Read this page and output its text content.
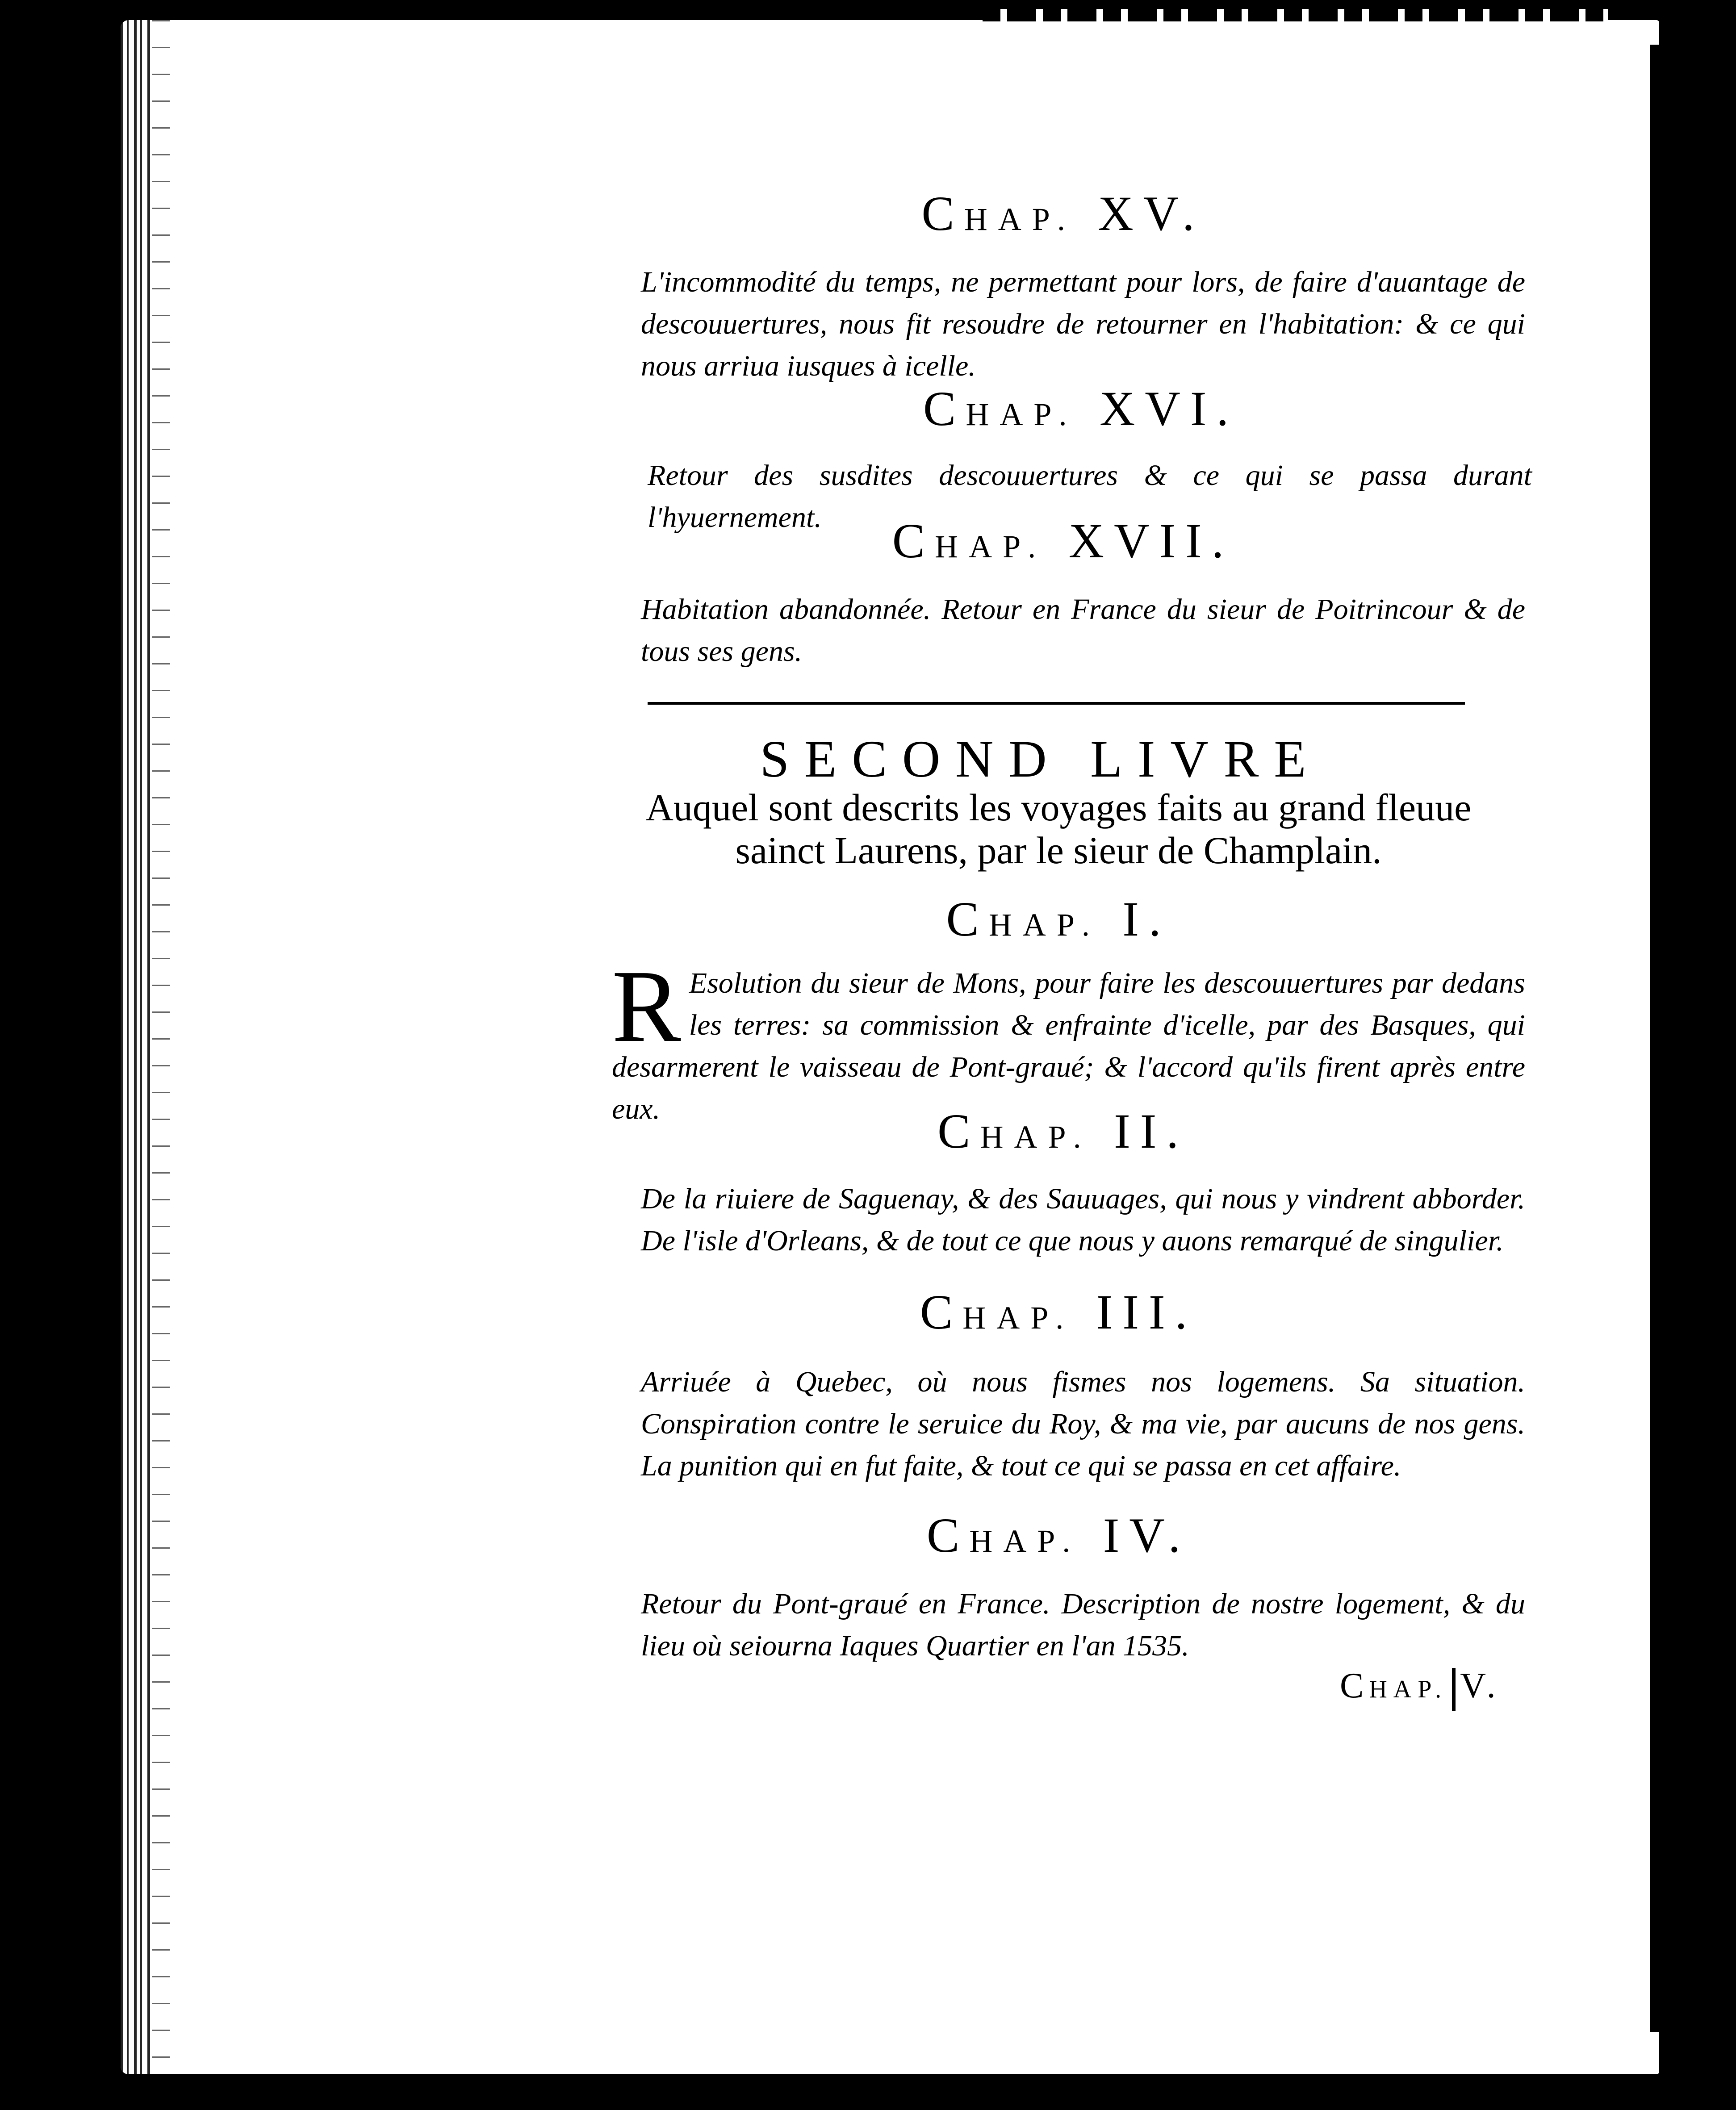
CHAP. XV.
L'incommodité du temps, ne permettant pour lors, de faire d'auantage de descouuertures, nous fit resoudre de retourner en l'habitation: & ce qui nous arriua iusques à icelle.
CHAP. XVI.
Retour des susdites descouuertures & ce qui se passa durant l'hyuernement.	CHAP. XVII.
Habitation abandonnée. Retour en France du sieur de Poitrincour & de tous ses gens.
SECOND LIVRE
Auquel sont descrits les voyages faits au grand fleuue sainct Laurens, par le sieur de Champlain.
CHAP. I.
R Esolution du sieur de Mons, pour faire les descouuertures par dedans les terres: sa commission & enfrainte d'icelle, par des Basques, qui desarmerent le vaisseau de Pont-graué; & l'accord qu'ils firent après entre eux.	CHAP. II.
De la riuiere de Saguenay, & des Sauuages, qui nous y vindrent abborder. De l'isle d'Orleans, & de tout ce que nous y auons remarqué de singulier.
CHAP. III.
Arriuée à Quebec, où nous fismes nos logemens. Sa situation. Conspiration contre le seruice du Roy, & ma vie, par aucuns de nos gens. La punition qui en fut faite, & tout ce qui se passa en cet affaire.
CHAP. IV.
Retour du Pont-graué en France. Description de nostre logement, & du lieu où seiourna Iaques Quartier en l'an 1535.
CHAP. V.
